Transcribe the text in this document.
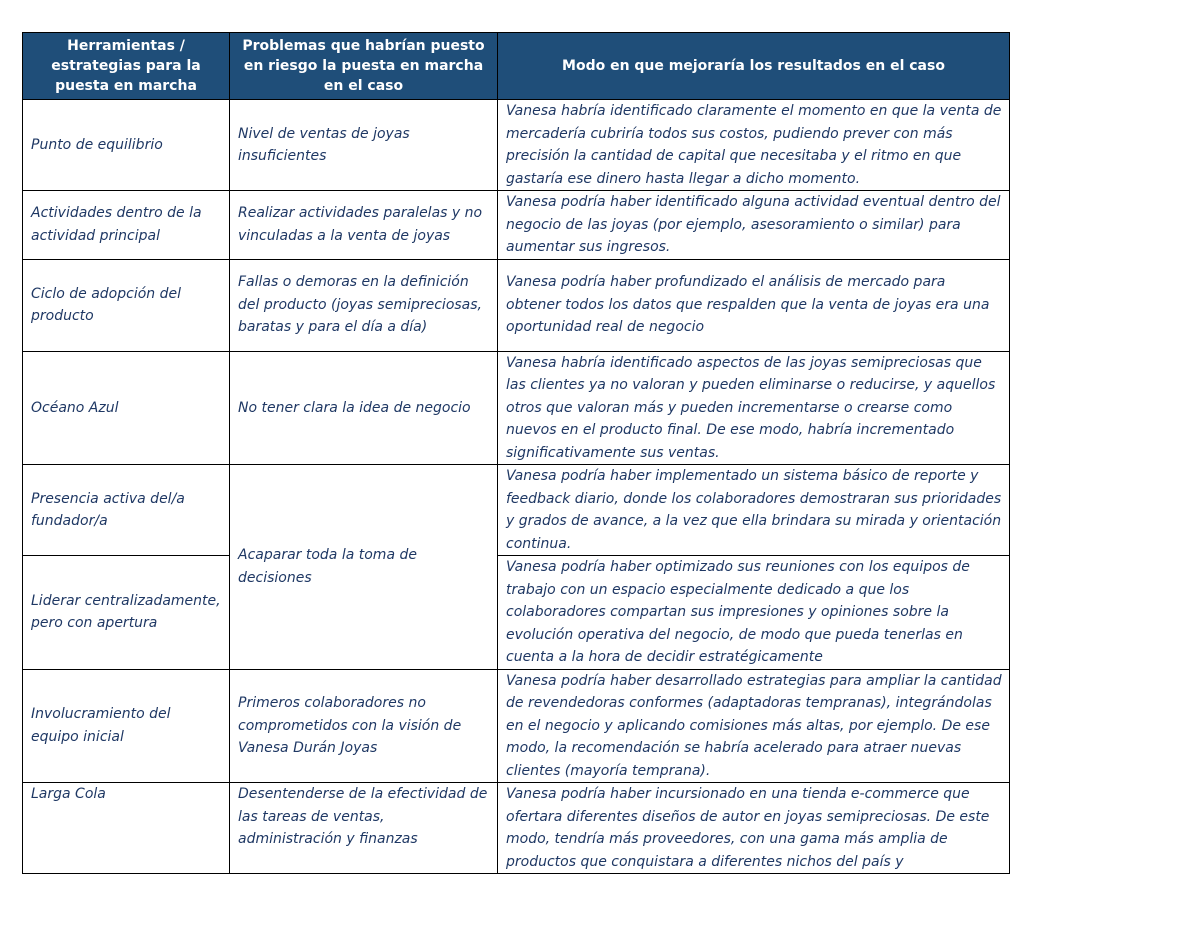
Herramientas / estrategias para la puesta en marcha	Problemas que habrían puesto en riesgo la puesta en marcha en el caso	Modo en que mejoraría los resultados en el caso
Punto de equilibrio	Nivel de ventas de joyas insuficientes	Vanesa habría identificado claramente el momento en que la venta de mercadería cubriría todos sus costos, pudiendo prever con más precisión la cantidad de capital que necesitaba y el ritmo en que gastaría ese dinero hasta llegar a dicho momento.
Actividades dentro de la actividad principal	Realizar actividades paralelas y no vinculadas a la venta de joyas	Vanesa podría haber identificado alguna actividad eventual dentro del negocio de las joyas (por ejemplo, asesoramiento o similar) para aumentar sus ingresos.
Ciclo de adopción del producto	Fallas o demoras en la definición del producto (joyas semipreciosas, baratas y para el día a día)	Vanesa podría haber profundizado el análisis de mercado para obtener todos los datos que respalden que la venta de joyas era una oportunidad real de negocio
Océano Azul	No tener clara la idea de negocio	Vanesa habría identificado aspectos de las joyas semipreciosas que las clientes ya no valoran y pueden eliminarse o reducirse, y aquellos otros que valoran más y pueden incrementarse o crearse como nuevos en el producto final. De ese modo, habría incrementado significativamente sus ventas.
Presencia activa del/a fundador/a	Acaparar toda la toma de decisiones	Vanesa podría haber implementado un sistema básico de reporte y feedback diario, donde los colaboradores demostraran sus prioridades y grados de avance, a la vez que ella brindara su mirada y orientación continua.
Liderar centralizadamente, pero con apertura		Vanesa podría haber optimizado sus reuniones con los equipos de trabajo con un espacio especialmente dedicado a que los colaboradores compartan sus impresiones y opiniones sobre la evolución operativa del negocio, de modo que pueda tenerlas en cuenta a la hora de decidir estratégicamente
Involucramiento del equipo inicial	Primeros colaboradores no comprometidos con la visión de Vanesa Durán Joyas	Vanesa podría haber desarrollado estrategias para ampliar la cantidad de revendedoras conformes (adaptadoras tempranas), integrándolas en el negocio y aplicando comisiones más altas, por ejemplo. De ese modo, la recomendación se habría acelerado para atraer nuevas clientes (mayoría temprana).
Larga Cola	Desentenderse de la efectividad de las tareas de ventas, administración y finanzas	Vanesa podría haber incursionado en una tienda e-commerce que ofertara diferentes diseños de autor en joyas semipreciosas. De este modo, tendría más proveedores, con una gama más amplia de productos que conquistara a diferentes nichos del país y
